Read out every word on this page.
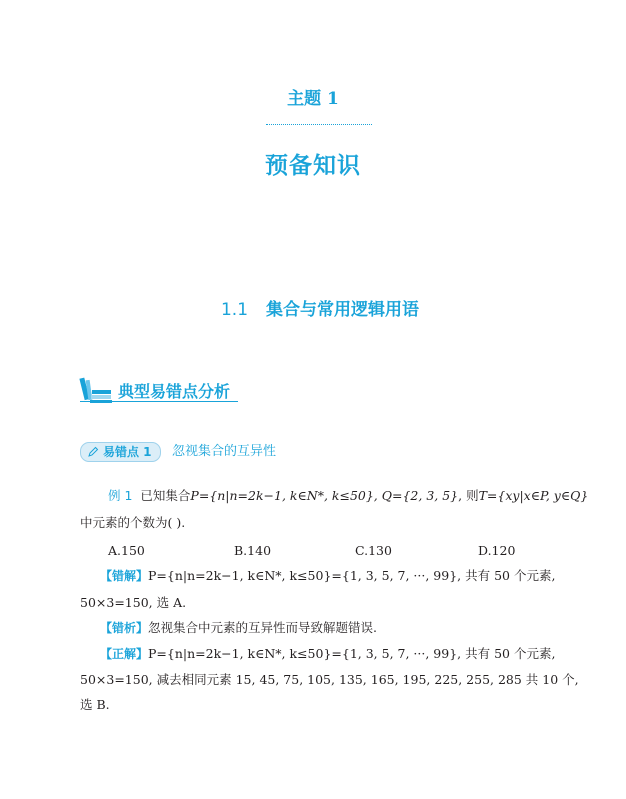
主题 1
预备知识
1.1 集合与常用逻辑用语
典型易错点分析
易错点 1	忽视集合的互异性
例 1 已知集合P={n|n=2k−1, k∈N*, k≤50}, Q={2, 3, 5}, 则T={xy|x∈P, y∈Q}
中元素的个数为( ).
A.150	B.140	C.130	D.120
【错解】P={n|n=2k−1, k∈N*, k≤50}={1, 3, 5, 7, ···, 99}, 共有 50 个元素,
50×3=150, 选 A.
【错析】忽视集合中元素的互异性而导致解题错误.
【正解】P={n|n=2k−1, k∈N*, k≤50}={1, 3, 5, 7, ···, 99}, 共有 50 个元素,
50×3=150, 减去相同元素 15, 45, 75, 105, 135, 165, 195, 225, 255, 285 共 10 个,
选 B.
